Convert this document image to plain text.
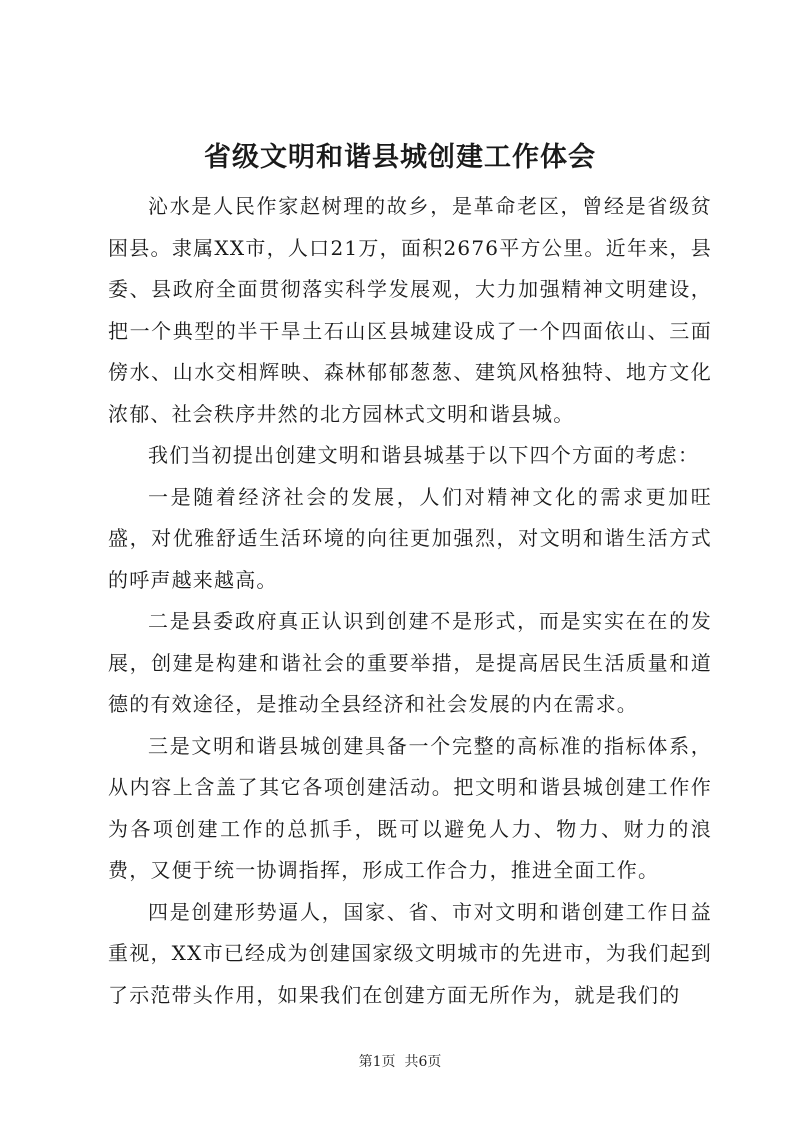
省级文明和谐县城创建工作体会

沁水是人民作家赵树理的故乡，是革命老区，曾经是省级贫困县。隶属XX市，人口21万，面积2676平方公里。近年来，县委、县政府全面贯彻落实科学发展观，大力加强精神文明建设，把一个典型的半干旱土石山区县城建设成了一个四面依山、三面傍水、山水交相辉映、森林郁郁葱葱、建筑风格独特、地方文化浓郁、社会秩序井然的北方园林式文明和谐县城。

我们当初提出创建文明和谐县城基于以下四个方面的考虑：

一是随着经济社会的发展，人们对精神文化的需求更加旺盛，对优雅舒适生活环境的向往更加强烈，对文明和谐生活方式的呼声越来越高。

二是县委政府真正认识到创建不是形式，而是实实在在的发展，创建是构建和谐社会的重要举措，是提高居民生活质量和道德的有效途径，是推动全县经济和社会发展的内在需求。

三是文明和谐县城创建具备一个完整的高标准的指标体系，从内容上含盖了其它各项创建活动。把文明和谐县城创建工作作为各项创建工作的总抓手，既可以避免人力、物力、财力的浪费，又便于统一协调指挥，形成工作合力，推进全面工作。

四是创建形势逼人，国家、省、市对文明和谐创建工作日益重视，XX市已经成为创建国家级文明城市的先进市，为我们起到了示范带头作用，如果我们在创建方面无所作为，就是我们的

第1页  共6页
